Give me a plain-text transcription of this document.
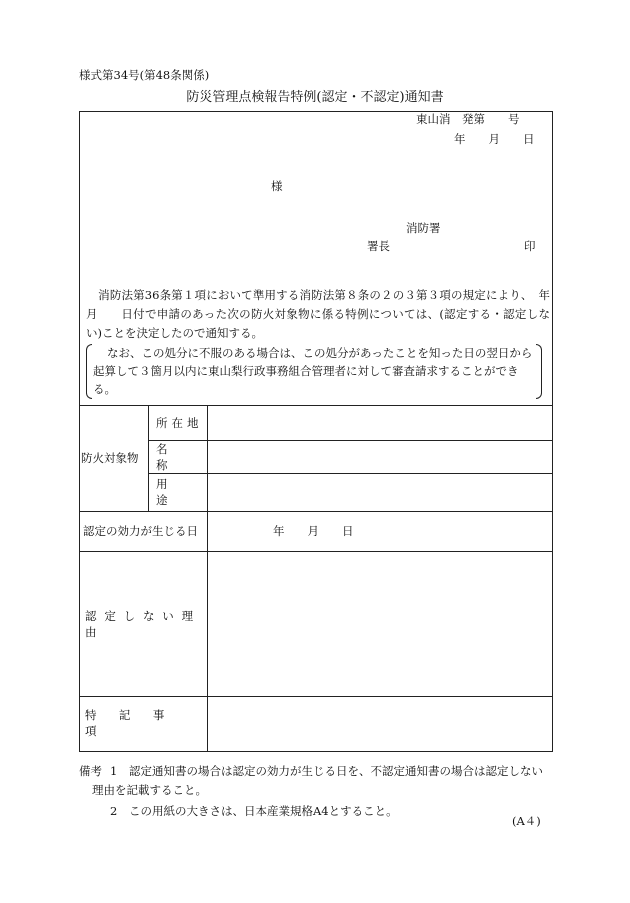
様式第34号(第48条関係)
防災管理点検報告特例(認定・不認定)通知書
東山消　発第　　号
年　　月　　日
様
消防署
署長	印
消防法第36条第１項において準用する消防法第８条の２の３第３項の規定により、　年　　月　　日付で申請のあった次の防火対象物に係る特例については、(認定する・認定しない)ことを決定したので通知する。
なお、この処分に不服のある場合は、この処分があったことを知った日の翌日から起算して３箇月以内に東山梨行政事務組合管理者に対して審査請求することができる。
防火対象物
所在地
名称
用途
認定の効力が生じる日	年　　月　　日
認定しない理由
特記事項
備考 1 認定通知書の場合は認定の効力が生じる日を、不認定通知書の場合は認定しない
理由を記載すること。
2 この用紙の大きさは、日本産業規格A4とすること。
(A４)
